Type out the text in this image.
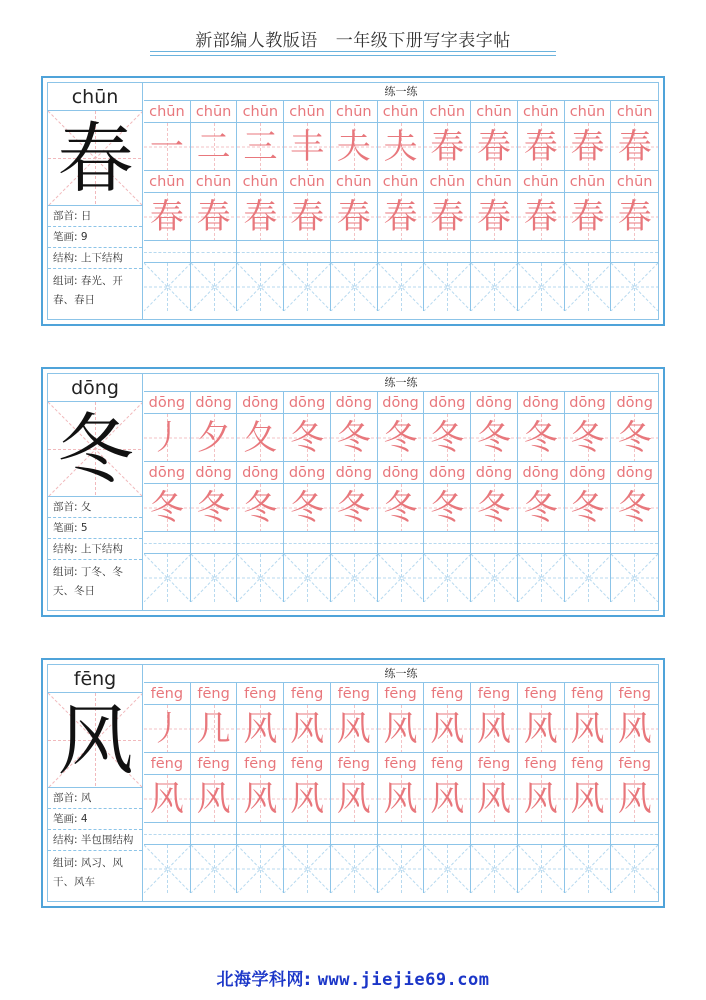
新部编人教版语 一年级下册写字表字帖
chūn
春
部首: 日
笔画: 9
结构: 上下结构
组词: 春光、开春、春日
练一练
chūn chūn chūn chūn chūn chūn chūn chūn chūn chūn chūn
一 二 三 丰 夫 夫 春 春 春 春 春
chūn chūn chūn chūn chūn chūn chūn chūn chūn chūn chūn
春 春 春 春 春 春 春 春 春 春 春
dōng
冬
部首: 夂
笔画: 5
结构: 上下结构
组词: 丁冬、冬天、冬日
练一练
dōng dōng dōng dōng dōng dōng dōng dōng dōng dōng dōng
丿 夕 夂 冬 冬 冬 冬 冬 冬 冬 冬
dōng dōng dōng dōng dōng dōng dōng dōng dōng dōng dōng
冬 冬 冬 冬 冬 冬 冬 冬 冬 冬 冬
fēng
风
部首: 风
笔画: 4
结构: 半包围结构
组词: 风习、风干、风车
练一练
fēng fēng fēng fēng fēng fēng fēng fēng fēng fēng	fēng
丿 几 风 风 风 风 风 风 风 风 风
fēng fēng fēng fēng fēng fēng fēng fēng fēng fēng	fēng
风 风 风 风 风 风 风 风 风 风 风
北海学科网: www.jiejie69.com
